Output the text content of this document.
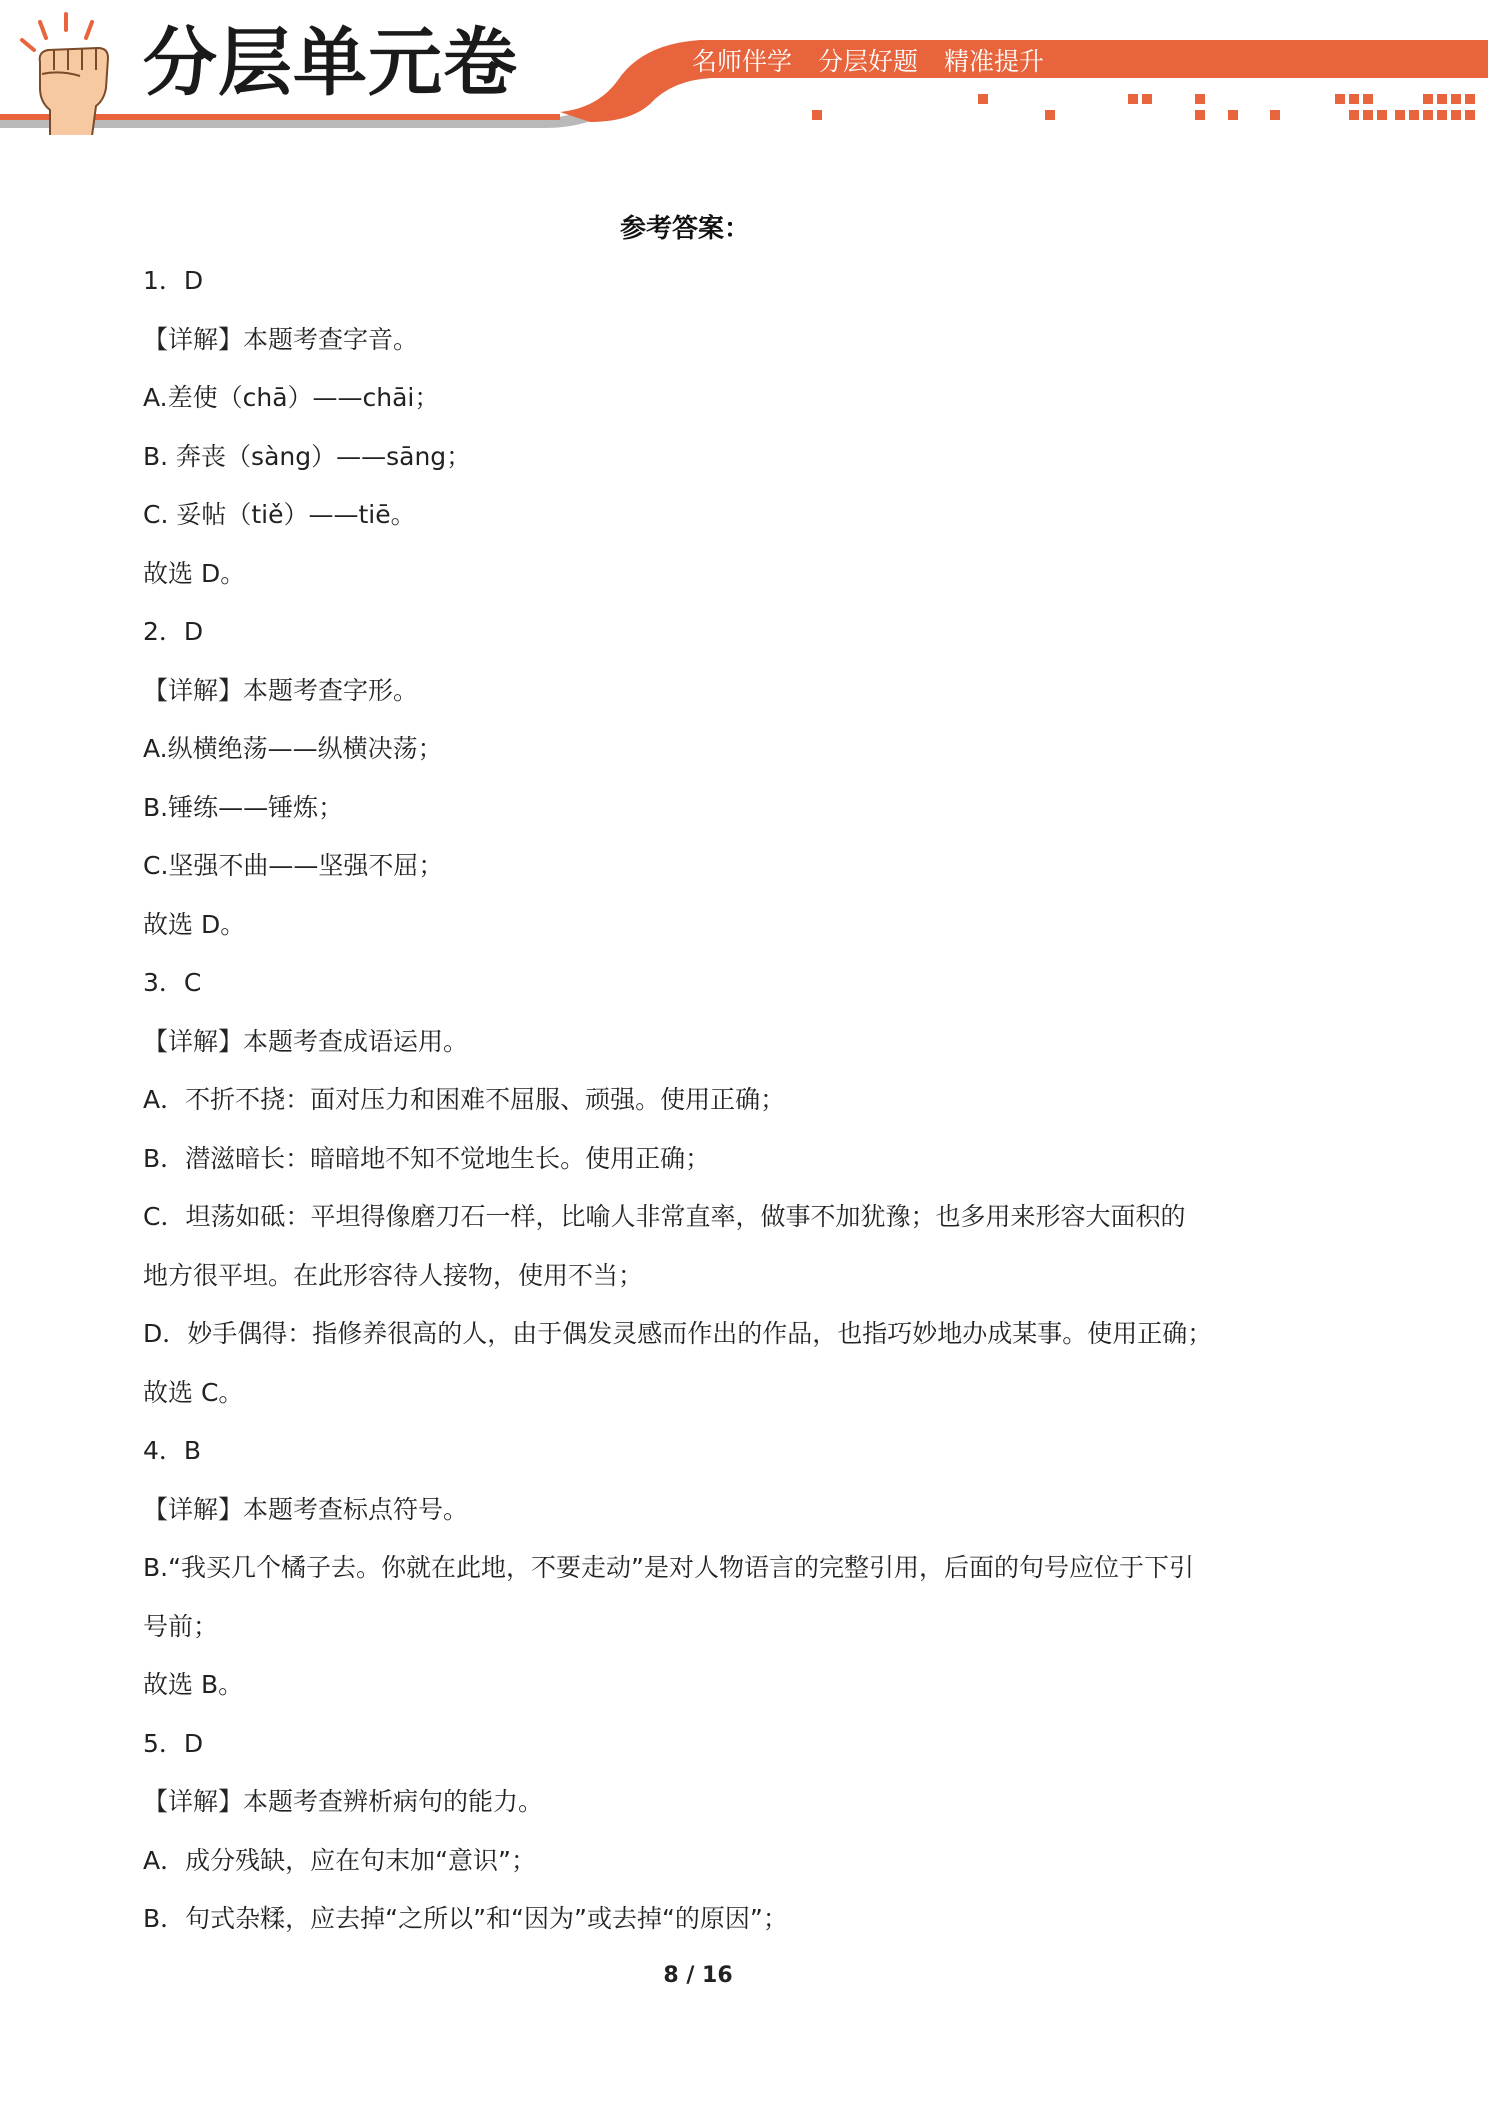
分层单元卷	名师伴学 分层好题 精准提升
参考答案：

1．D

【详解】本题考查字音。

A.差使（chā）——chāi；

B. 奔丧（sàng）——sāng；

C. 妥帖（tiě）——tiē。

故选 D。

2．D

【详解】本题考查字形。

A.纵横绝荡——纵横决荡；

B.锤练——锤炼；

C.坚强不曲——坚强不屈；

故选 D。

3．C

【详解】本题考查成语运用。

A．不折不挠：面对压力和困难不屈服、顽强。使用正确；

B．潜滋暗长：暗暗地不知不觉地生长。使用正确；

C．坦荡如砥：平坦得像磨刀石一样，比喻人非常直率，做事不加犹豫；也多用来形容大面积的

地方很平坦。在此形容待人接物，使用不当；

D．妙手偶得：指修养很高的人，由于偶发灵感而作出的作品，也指巧妙地办成某事。使用正确；

故选 C。

4．B

【详解】本题考查标点符号。

B.“我买几个橘子去。你就在此地，不要走动”是对人物语言的完整引用，后面的句号应位于下引

号前；

故选 B。

5．D

【详解】本题考查辨析病句的能力。

A．成分残缺，应在句末加“意识”；

B．句式杂糅，应去掉“之所以”和“因为”或去掉“的原因”；

8 / 16
